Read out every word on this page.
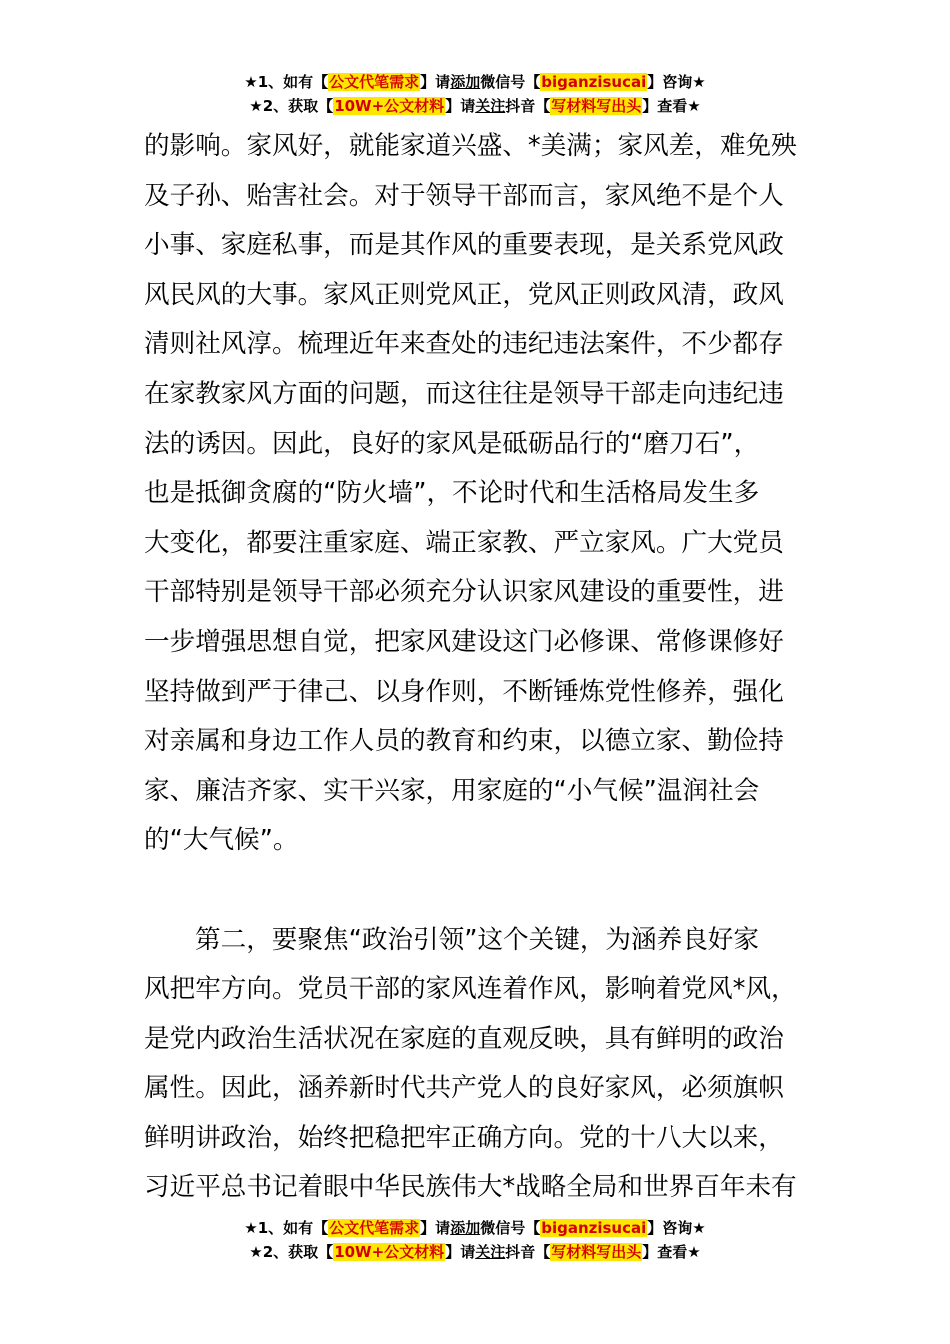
★1、如有【公文代笔需求】请添加微信号【biganzisucai】咨询★
★2、获取【10W+公文材料】请关注抖音【写材料写出头】查看★
的影响。家风好，就能家道兴盛、*美满；家风差，难免殃
及子孙、贻害社会。对于领导干部而言，家风绝不是个人
小事、家庭私事，而是其作风的重要表现，是关系党风政
风民风的大事。家风正则党风正，党风正则政风清，政风
清则社风淳。梳理近年来查处的违纪违法案件，不少都存
在家教家风方面的问题，而这往往是领导干部走向违纪违
法的诱因。因此，良好的家风是砥砺品行的“磨刀石”，
也是抵御贪腐的“防火墙”，不论时代和生活格局发生多
大变化，都要注重家庭、端正家教、严立家风。广大党员
干部特别是领导干部必须充分认识家风建设的重要性，进
一步增强思想自觉，把家风建设这门必修课、常修课修好
坚持做到严于律己、以身作则，不断锤炼党性修养，强化
对亲属和身边工作人员的教育和约束，以德立家、勤俭持
家、廉洁齐家、实干兴家，用家庭的“小气候”温润社会
的“大气候”。
第二，要聚焦“政治引领”这个关键，为涵养良好家
风把牢方向。党员干部的家风连着作风，影响着党风*风，
是党内政治生活状况在家庭的直观反映，具有鲜明的政治
属性。因此，涵养新时代共产党人的良好家风，必须旗帜
鲜明讲政治，始终把稳把牢正确方向。党的十八大以来，
习近平总书记着眼中华民族伟大*战略全局和世界百年未有
★1、如有【公文代笔需求】请添加微信号【biganzisucai】咨询★
★2、获取【10W+公文材料】请关注抖音【写材料写出头】查看★
